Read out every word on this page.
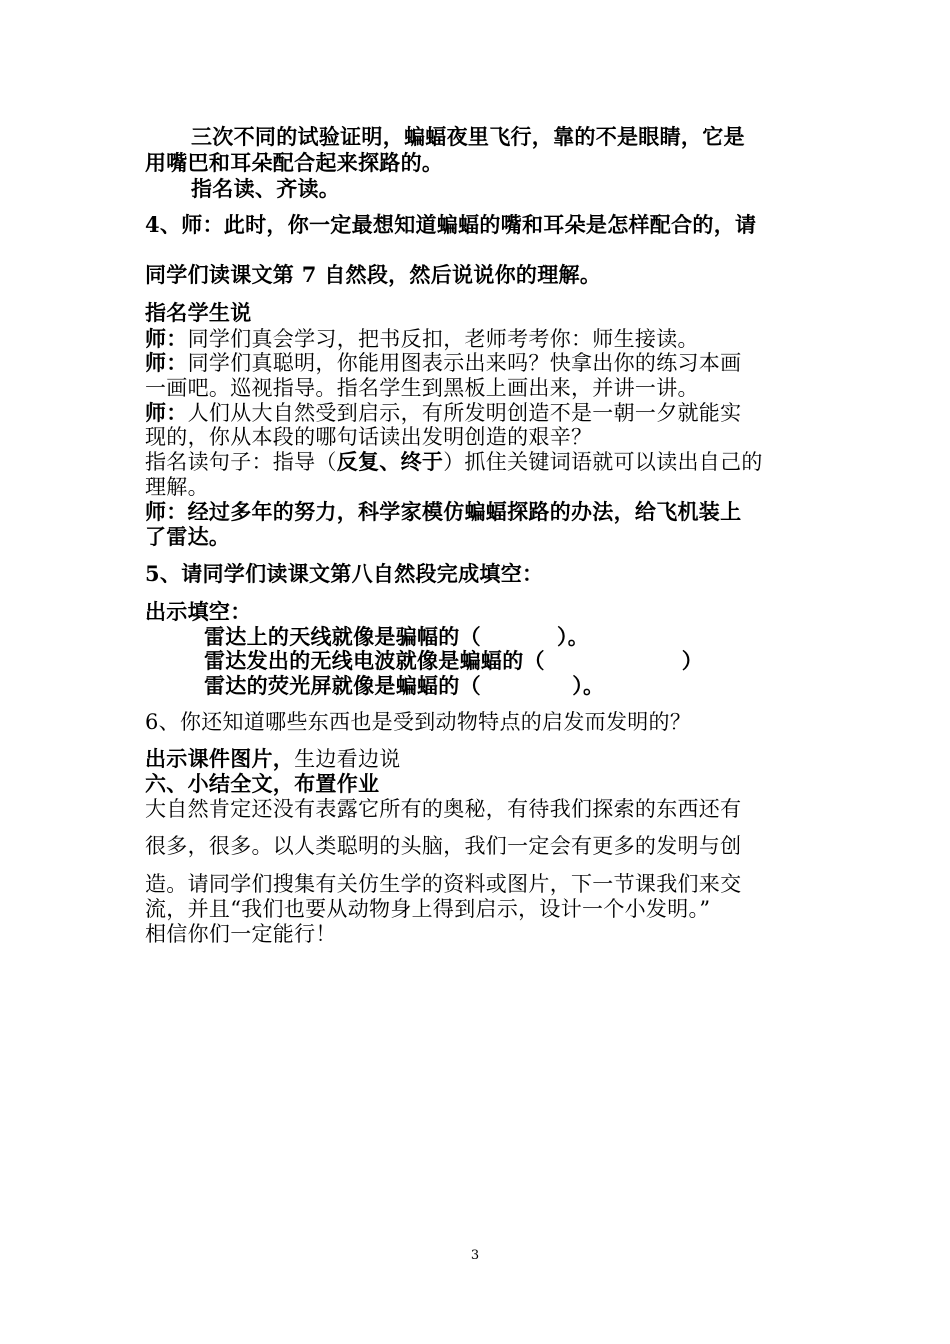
三次不同的试验证明，蝙蝠夜里飞行，靠的不是眼睛，它是
用嘴巴和耳朵配合起来探路的。
指名读、齐读。
4、师：此时，你一定最想知道蝙蝠的嘴和耳朵是怎样配合的，请
同学们读课文第 7 自然段，然后说说你的理解。
指名学生说
师：同学们真会学习，把书反扣，老师考考你：师生接读。
师：同学们真聪明，你能用图表示出来吗？快拿出你的练习本画
一画吧。巡视指导。指名学生到黑板上画出来，并讲一讲。
师：人们从大自然受到启示，有所发明创造不是一朝一夕就能实
现的，你从本段的哪句话读出发明创造的艰辛？
指名读句子：指导（反复、终于）抓住关键词语就可以读出自己的
理解。
师：经过多年的努力，科学家模仿蝙蝠探路的办法，给飞机装上
了雷达。
5、请同学们读课文第八自然段完成填空：
出示填空：
雷达上的天线就像是骗幅的（          ）。
雷达发出的无线电波就像是蝙蝠的（                  ）
雷达的荧光屏就像是蝙蝠的（            ）。
6、你还知道哪些东西也是受到动物特点的启发而发明的？
出示课件图片，生边看边说
六、小结全文，布置作业
大自然肯定还没有表露它所有的奥秘，有待我们探索的东西还有
很多，很多。以人类聪明的头脑，我们一定会有更多的发明与创
造。请同学们搜集有关仿生学的资料或图片，下一节课我们来交
流，并且“我们也要从动物身上得到启示，设计一个小发明。”
相信你们一定能行！
3
